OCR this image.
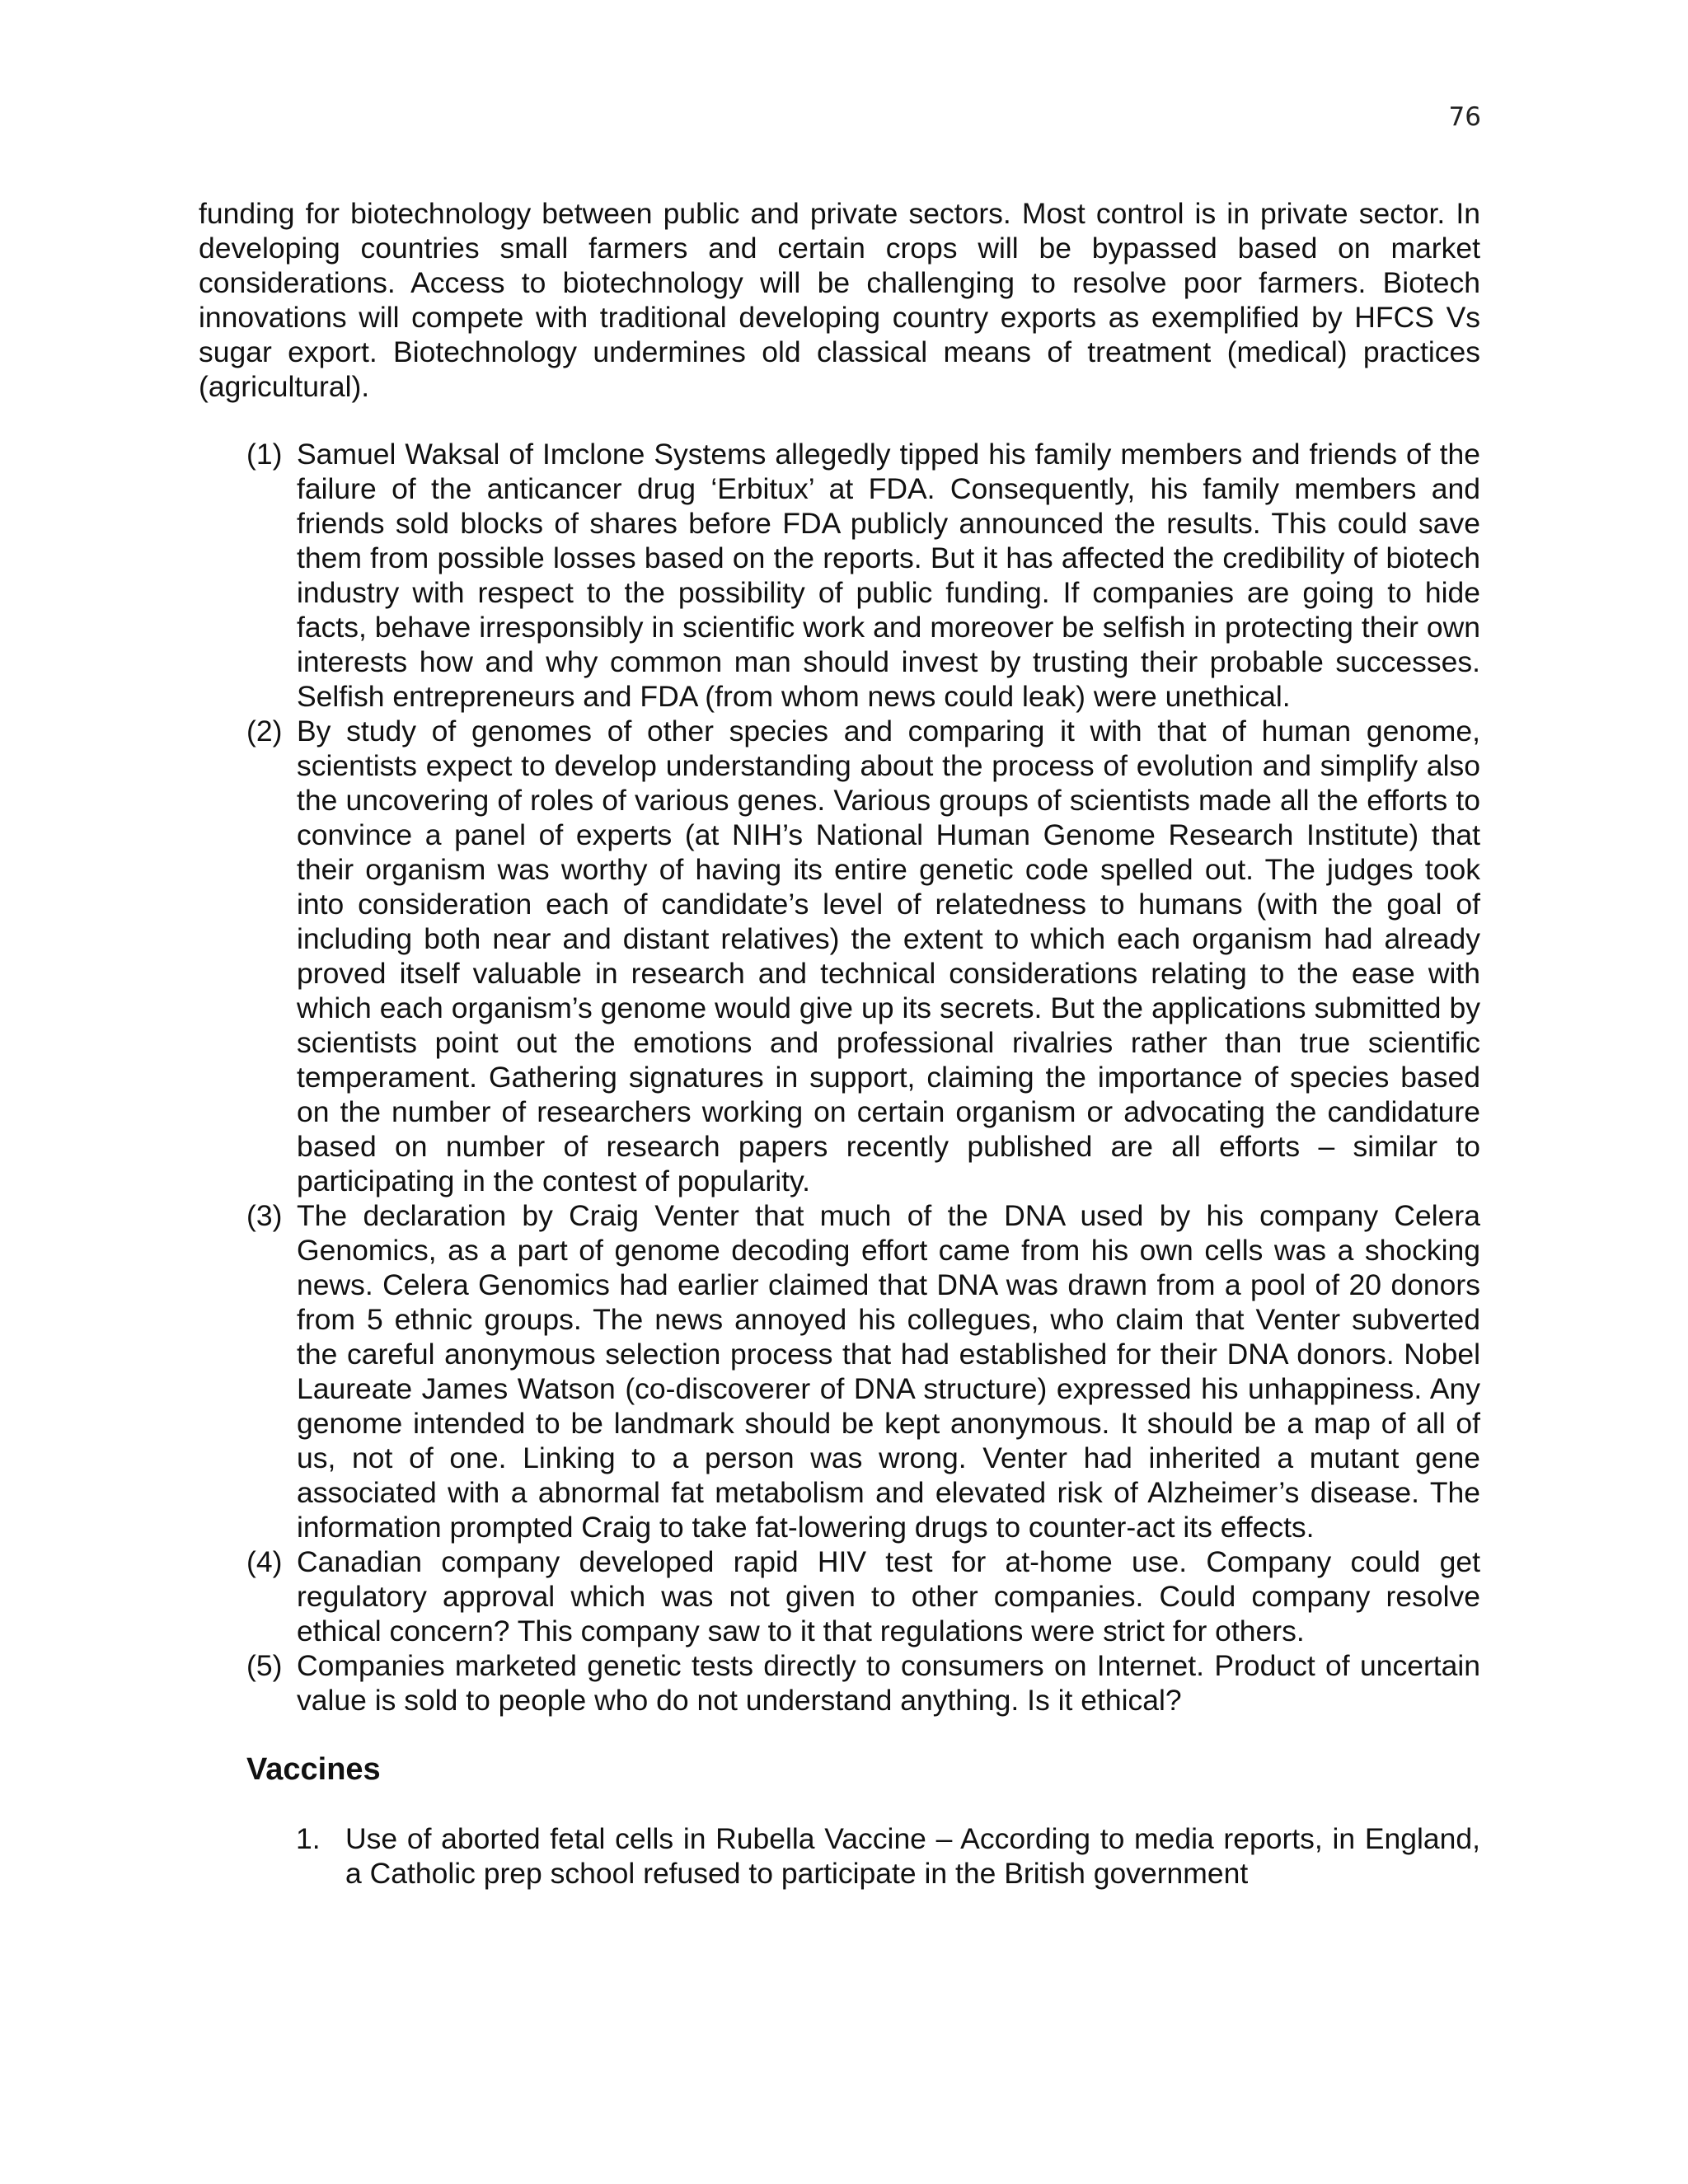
76

funding for biotechnology between public and private sectors. Most control is in private sector. In developing countries small farmers and certain crops will be bypassed based on market considerations. Access to biotechnology will be challenging to resolve poor farmers. Biotech innovations will compete with traditional developing country exports as exemplified by HFCS Vs sugar export. Biotechnology undermines old classical means of treatment (medical) practices (agricultural).

(1) Samuel Waksal of Imclone Systems allegedly tipped his family members and friends of the failure of the anticancer drug ‘Erbitux’ at FDA. Consequently, his family members and friends sold blocks of shares before FDA publicly announced the results. This could save them from possible losses based on the reports. But it has affected the credibility of biotech industry with respect to the possibility of public funding. If companies are going to hide facts, behave irresponsibly in scientific work and moreover be selfish in protecting their own interests how and why common man should invest by trusting their probable successes. Selfish entrepreneurs and FDA (from whom news could leak) were unethical.
(2) By study of genomes of other species and comparing it with that of human genome, scientists expect to develop understanding about the process of evolution and simplify also the uncovering of roles of various genes. Various groups of scientists made all the efforts to convince a panel of experts (at NIH’s National Human Genome Research Institute) that their organism was worthy of having its entire genetic code spelled out. The judges took into consideration each of candidate’s level of relatedness to humans (with the goal of including both near and distant relatives) the extent to which each organism had already proved itself valuable in research and technical considerations relating to the ease with which each organism’s genome would give up its secrets. But the applications submitted by scientists point out the emotions and professional rivalries rather than true scientific temperament. Gathering signatures in support, claiming the importance of species based on the number of researchers working on certain organism or advocating the candidature based on number of research papers recently published are all efforts – similar to participating in the contest of popularity.
(3) The declaration by Craig Venter that much of the DNA used by his company Celera Genomics, as a part of genome decoding effort came from his own cells was a shocking news. Celera Genomics had earlier claimed that DNA was drawn from a pool of 20 donors from 5 ethnic groups. The news annoyed his collegues, who claim that Venter subverted the careful anonymous selection process that had established for their DNA donors. Nobel Laureate James Watson (co-discoverer of DNA structure) expressed his unhappiness. Any genome intended to be landmark should be kept anonymous. It should be a map of all of us, not of one. Linking to a person was wrong. Venter had inherited a mutant gene associated with a abnormal fat metabolism and elevated risk of Alzheimer’s disease. The information prompted Craig to take fat-lowering drugs to counter-act its effects.
(4) Canadian company developed rapid HIV test for at-home use. Company could get regulatory approval which was not given to other companies. Could company resolve ethical concern? This company saw to it that regulations were strict for others.
(5) Companies marketed genetic tests directly to consumers on Internet. Product of uncertain value is sold to people who do not understand anything. Is it ethical?
Vaccines
1. Use of aborted fetal cells in Rubella Vaccine – According to media reports, in England, a Catholic prep school refused to participate in the British government
